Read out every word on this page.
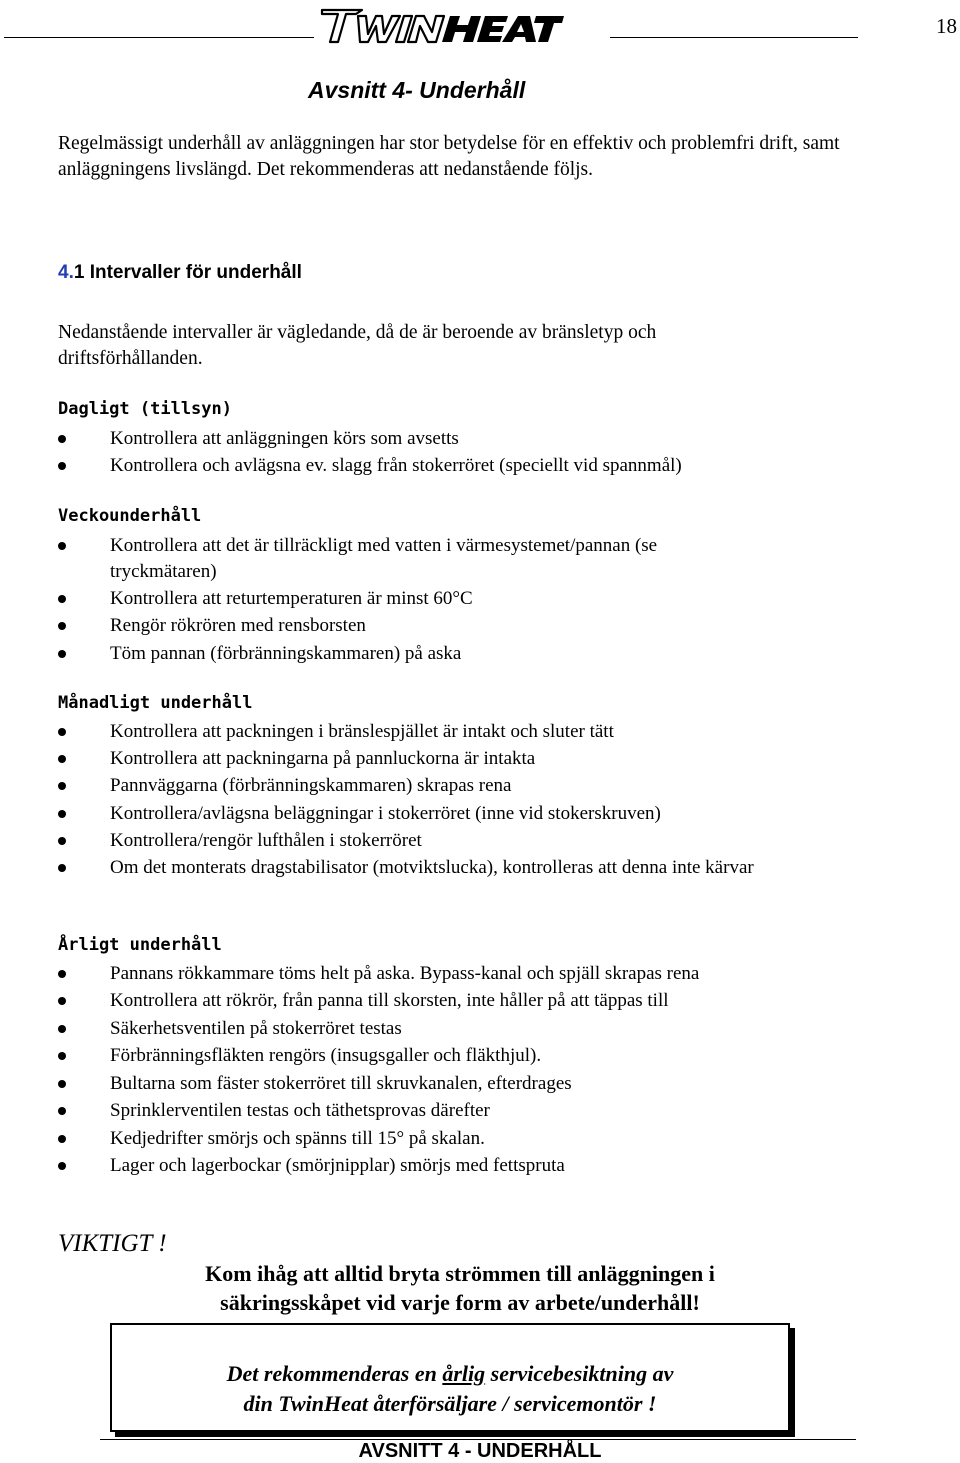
TWIN HEAT
18
Avsnitt 4- Underhåll
Regelmässigt underhåll av anläggningen har stor betydelse för en effektiv och problemfri drift, samt anläggningens livslängd. Det rekommenderas att nedanstående följs.
4.1 Intervaller för underhåll
Nedanstående intervaller är vägledande, då de är beroende av bränsletyp och driftsförhållanden.
Dagligt (tillsyn)
Kontrollera att anläggningen körs som avsetts
Kontrollera och avlägsna ev. slagg från stokerröret (speciellt vid spannmål)
Veckounderhåll
Kontrollera att det är tillräckligt med vatten i värmesystemet/pannan (se tryckmätaren)
Kontrollera att returtemperaturen är minst 60°C
Rengör rökrören med rensborsten
Töm pannan (förbränningskammaren) på aska
Månadligt underhåll
Kontrollera att packningen i bränslespjället är intakt och sluter tätt
Kontrollera att packningarna på pannluckorna är intakta
Pannväggarna (förbränningskammaren) skrapas rena
Kontrollera/avlägsna beläggningar i stokerröret (inne vid stokerskruven)
Kontrollera/rengör lufthålen i stokerröret
Om det monterats dragstabilisator (motviktslucka), kontrolleras att denna inte kärvar
Årligt underhåll
Pannans rökkammare töms helt på aska. Bypass-kanal och spjäll skrapas rena
Kontrollera att rökrör, från panna till skorsten, inte håller på att täppas till
Säkerhetsventilen på stokerröret testas
Förbränningsfläkten rengörs (insugsgaller och fläkthjul).
Bultarna som fäster stokerröret till skruvkanalen, efterdrages
Sprinklerventilen testas och täthetsprovas därefter
Kedjedrifter smörjs och spänns till 15° på skalan.
Lager och lagerbockar (smörjnipplar) smörjs med fettspruta
VIKTIGT !
Kom ihåg att alltid bryta strömmen till anläggningen i
säkringsskåpet vid varje form av arbete/underhåll!
Det rekommenderas en årlig servicebesiktning av
din TwinHeat återförsäljare / servicemontör !
AVSNITT 4 - UNDERHÅLL
